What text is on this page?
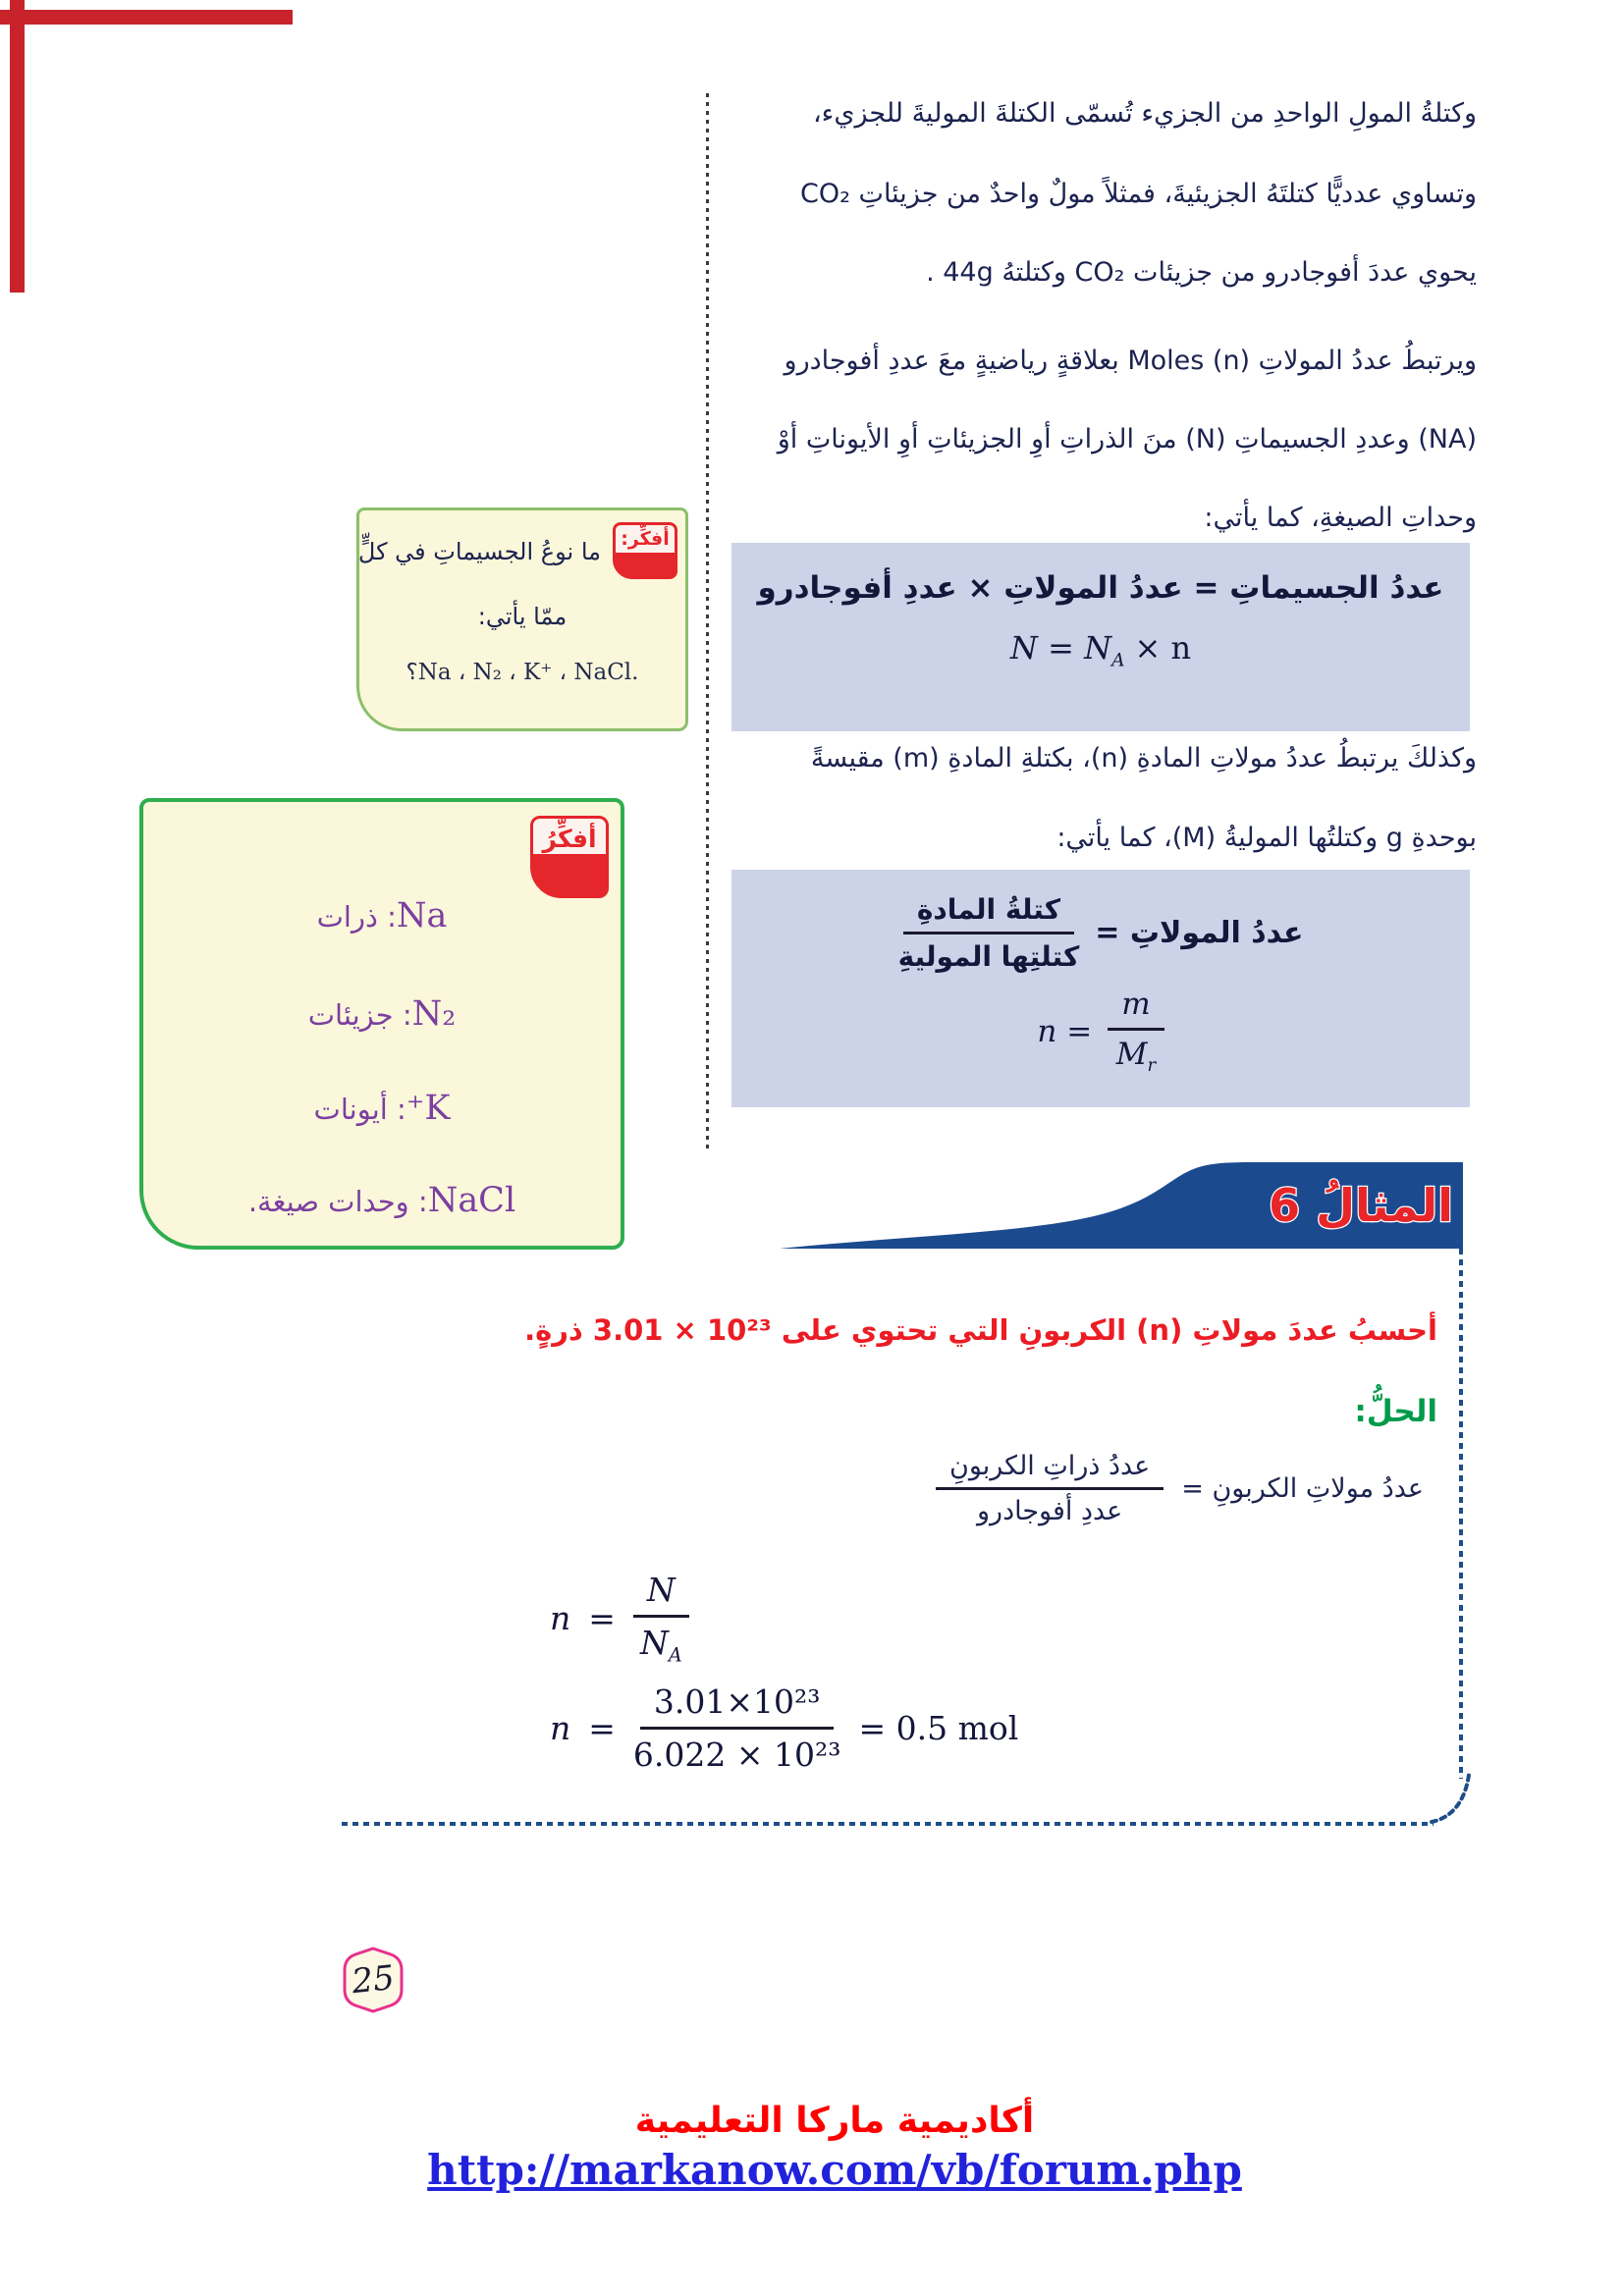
وكتلةُ المولِ الواحدِ من الجزيء تُسمّى الكتلةَ الموليةَ للجزيء،
وتساوي عدديًّا كتلتَهُ الجزيئيةَ، فمثلاً مولٌ واحدٌ من جزيئاتِ CO₂
يحوي عددَ أفوجادرو من جزيئات CO₂ وكتلتهُ 44g .
ويرتبطُ عددُ المولاتِ Moles (n) بعلاقةٍ رياضيةٍ معَ عددِ أفوجادرو
(NA) وعددِ الجسيماتِ (N) منَ الذراتِ أوِ الجزيئاتِ أوِ الأيوناتِ أوْ
وحداتِ الصيغةِ، كما يأتي:
عددُ الجسيماتِ = عددُ المولاتِ × عددِ أفوجادرو
$N = N_A \times n$
وكذلكَ يرتبطُ عددُ مولاتِ المادةِ (n)، بكتلةِ المادةِ (m) مقيسةً
بوحدةِ g وكتلتُها الموليةُ (M)، كما يأتي:
عددُ المولاتِ =
$\frac{\text{كتلةُ المادةِ}}{\text{كتلتِها الموليةِ}}$
$n = \frac{m}{M_r}$
أفكِّر:
ما نوعُ الجسيماتِ في كلٍّ
ممّا يأتي:
؟Na ، N₂ ، K⁺ ، NaCl.
أفكِّرُ
Na: ذرات
N₂: جزيئات
K⁺: أيونات
NaCl: وحدات صيغة.	المثالُ 6
أحسبُ عددَ مولاتِ (n) الكربونِ التي تحتوي على 3.01 × 10²³ ذرةٍ.
الحلُّ:
عددُ مولاتِ الكربونِ =
$\frac{\text{عددُ ذراتِ الكربونِ}}{\text{عددِ أفوجادرو}}$
$n = \frac{N}{N_A}$
$n = \frac{\text{3.01×10²³}}{\text{6.022 × 10²³}} = 0.5$ mol
25
أكاديمية ماركا التعليمية
http://markanow.com/vb/forum.php
